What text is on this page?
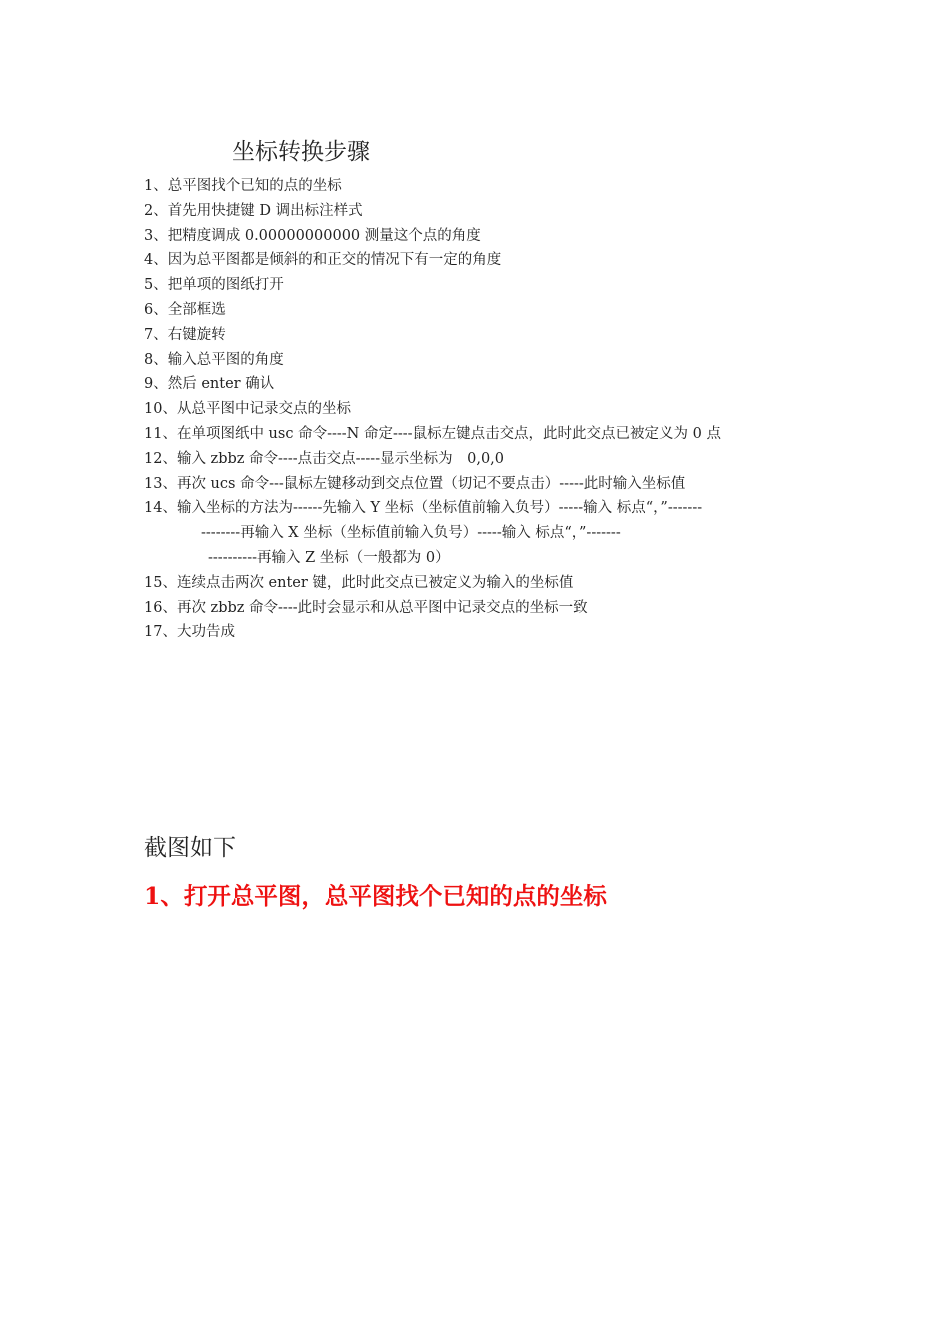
坐标转换步骤
1、总平图找个已知的点的坐标
2、首先用快捷键 D 调出标注样式
3、把精度调成 0.00000000000 测量这个点的角度
4、因为总平图都是倾斜的和正交的情况下有一定的角度
5、把单项的图纸打开
6、全部框选
7、右键旋转
8、输入总平图的角度
9、然后 enter 确认
10、从总平图中记录交点的坐标
11、在单项图纸中 usc 命令----N 命定----鼠标左键点击交点，此时此交点已被定义为 0 点
12、输入 zbbz 命令----点击交点-----显示坐标为　0,0,0
13、再次 ucs 命令---鼠标左键移动到交点位置（切记不要点击）-----此时输入坐标值
14、输入坐标的方法为------先输入 Y 坐标（坐标值前输入负号）-----输入 标点“，”-------
--------再输入 X 坐标（坐标值前输入负号）-----输入 标点“，”-------
----------再输入 Z 坐标（一般都为 0）
15、连续点击两次 enter 键，此时此交点已被定义为输入的坐标值
16、再次 zbbz 命令----此时会显示和从总平图中记录交点的坐标一致
17、大功告成
截图如下
1、打开总平图，总平图找个已知的点的坐标
